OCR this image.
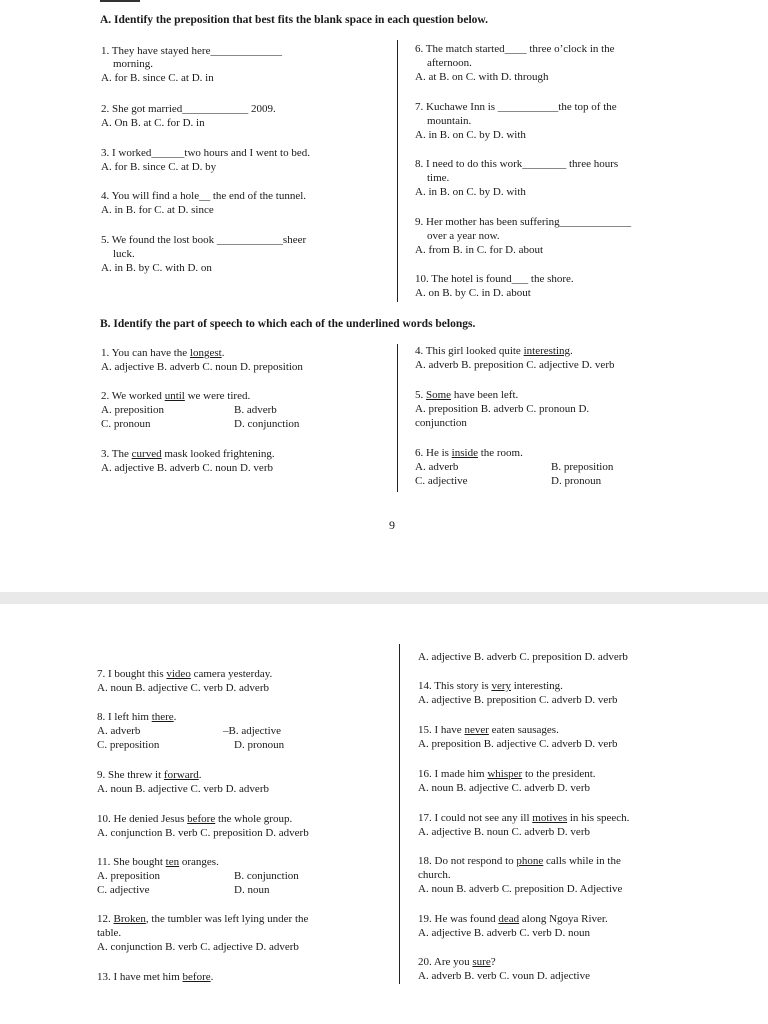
A. Identify the preposition that best fits the blank space in each question below.
1. They have stayed here_____________
morning.
A. for B. since C. at D. in
2. She got married____________ 2009.
A. On B. at C. for D. in
3. I worked______two hours and I went to bed.
A. for B. since C. at D. by
4. You will find a hole__ the end of the tunnel.
A. in B. for C. at D. since
5. We found the lost book ____________sheer
luck.
A. in B. by C. with D. on
6. The match started____ three o’clock in the
afternoon.
A. at B. on C. with D. through
7. Kuchawe Inn is ___________the top of the
mountain.
A. in B. on C. by D. with
8. I need to do this work________ three hours
time.
A. in B. on C. by D. with
9. Her mother has been suffering_____________
over a year now.
A. from B. in C. for D. about
10. The hotel is found___ the shore.
A. on B. by C. in D. about
B. Identify the part of speech to which each of the underlined words belongs.
1. You can have the longest.
A. adjective B. adverb C. noun D. preposition
2. We worked until we were tired.
A. preposition	B. adverb
C. pronoun	D. conjunction
3. The curved mask looked frightening.
A. adjective B. adverb C. noun D. verb
4. This girl looked quite interesting.
A. adverb B. preposition C. adjective D. verb
5. Some have been left.
A. preposition B. adverb C. pronoun D.
conjunction
6. He is inside the room.
A. adverb	B. preposition
C. adjective	D. pronoun
9
7. I bought this video camera yesterday.
A. noun B. adjective C. verb D. adverb
8. I left him there.
A. adverb	–B. adjective
C. preposition	D. pronoun
9. She threw it forward.
A. noun B. adjective C. verb D. adverb
10. He denied Jesus before the whole group.
A. conjunction B. verb C. preposition D. adverb
11. She bought ten oranges.
A. preposition	B. conjunction
C. adjective	D. noun
12. Broken, the tumbler was left lying under the
table.
A. conjunction B. verb C. adjective D. adverb
13. I have met him before.
A. adjective B. adverb C. preposition D. adverb
14. This story is very interesting.
A. adjective B. preposition C. adverb D. verb
15. I have never eaten sausages.
A. preposition B. adjective C. adverb D. verb
16. I made him whisper to the president.
A. noun B. adjective C. adverb D. verb
17. I could not see any ill motives in his speech.
A. adjective B. noun C. adverb D. verb
18. Do not respond to phone calls while in the
church.
A. noun B. adverb C. preposition D. Adjective
19. He was found dead along Ngoya River.
A. adjective B. adverb C. verb D. noun
20. Are you sure?
A. adverb B. verb C. voun D. adjective
